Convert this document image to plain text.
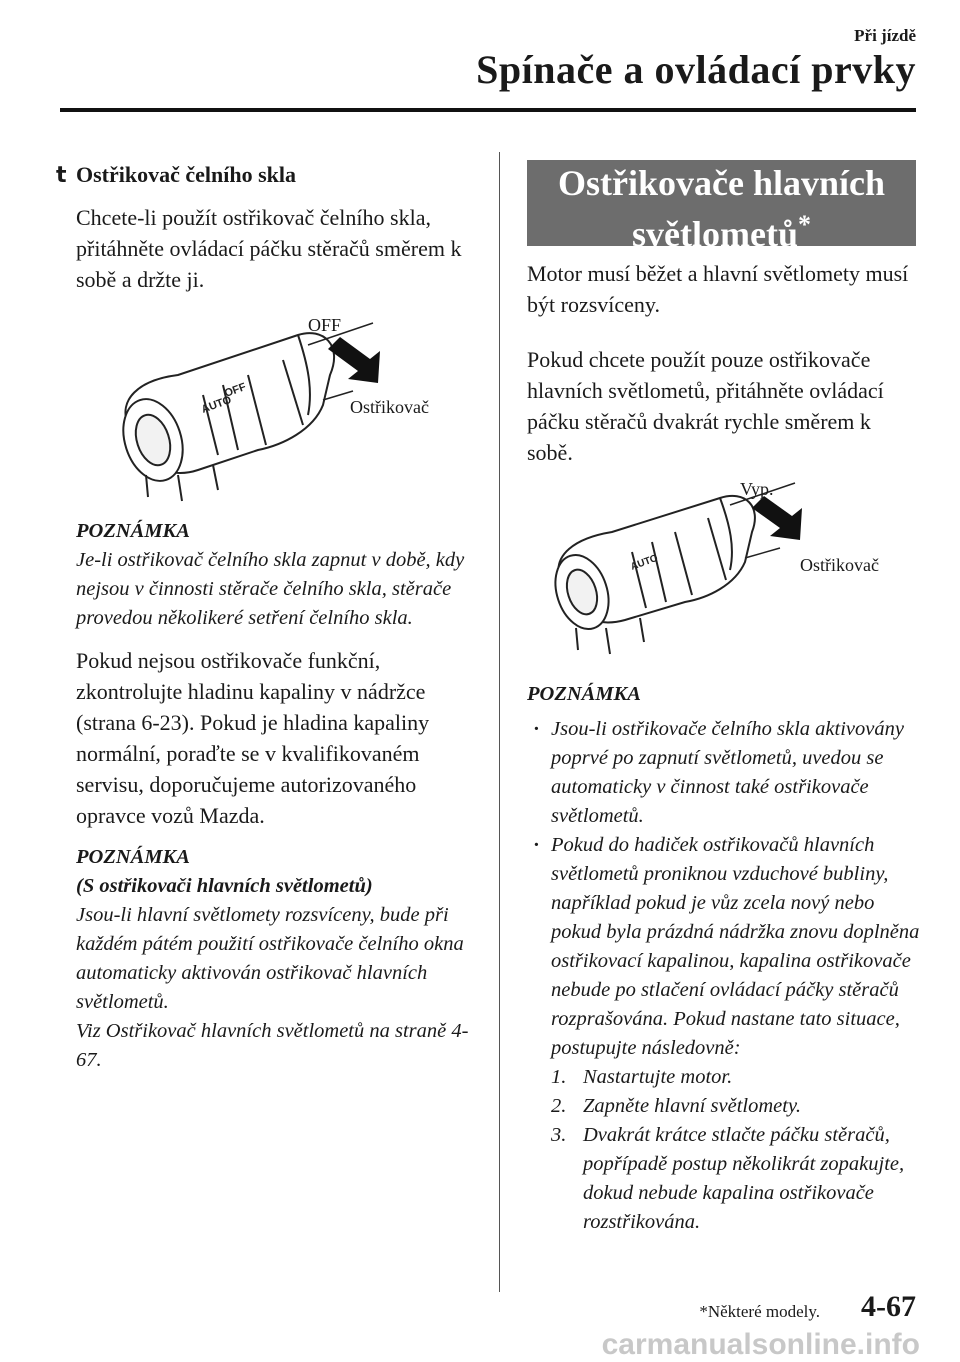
Při jízdě
Spínače a ovládací prvky
t Ostřikovač čelního skla

Chcete-li použít ostřikovač čelního skla, přitáhněte ovládací páčku stěračů směrem k sobě a držte ji.

AUTO
OFF
OFF
Ostřikovač

POZNÁMKA

Je-li ostřikovač čelního skla zapnut v době, kdy nejsou v činnosti stěrače čelního skla, stěrače provedou několikeré setření čelního skla.

Pokud nejsou ostřikovače funkční, zkontrolujte hladinu kapaliny v nádržce (strana 6-23). Pokud je hladina kapaliny normální, poraďte se v kvalifikovaném servisu, doporučujeme autorizovaného opravce vozů Mazda.

POZNÁMKA

(S ostřikovači hlavních světlometů)

Jsou-li hlavní světlomety rozsvíceny, bude při každém pátém použití ostřikovače čelního okna automaticky aktivován ostřikovač hlavních světlometů.

Viz Ostřikovač hlavních světlometů na straně 4-67.

Ostřikovače hlavních
světlometů*

Motor musí běžet a hlavní světlomety musí být rozsvíceny.

Pokud chcete použít pouze ostřikovače hlavních světlometů, přitáhněte ovládací páčku stěračů dvakrát rychle směrem k sobě.

AUTO
Vyp.
Ostřikovač

POZNÁMKA

· Jsou-li ostřikovače čelního skla aktivovány poprvé po zapnutí světlometů, uvedou se automaticky v činnost také ostřikovače světlometů.
· Pokud do hadiček ostřikovačů hlavních světlometů proniknou vzduchové bubliny, například pokud je vůz zcela nový nebo pokud byla prázdná nádržka znovu doplněna ostřikovací kapalinou, kapalina ostřikovače nebude po stlačení ovládací páčky stěračů rozprašována. Pokud nastane tato situace, postupujte následovně:
1. Nastartujte motor.
2. Zapněte hlavní světlomety.
3. Dvakrát krátce stlačte páčku stěračů, popřípadě postup několikrát zopakujte, dokud nebude kapalina ostřikovače rozstřikována.
*Některé modely. 4-67
carmanualsonline.info
